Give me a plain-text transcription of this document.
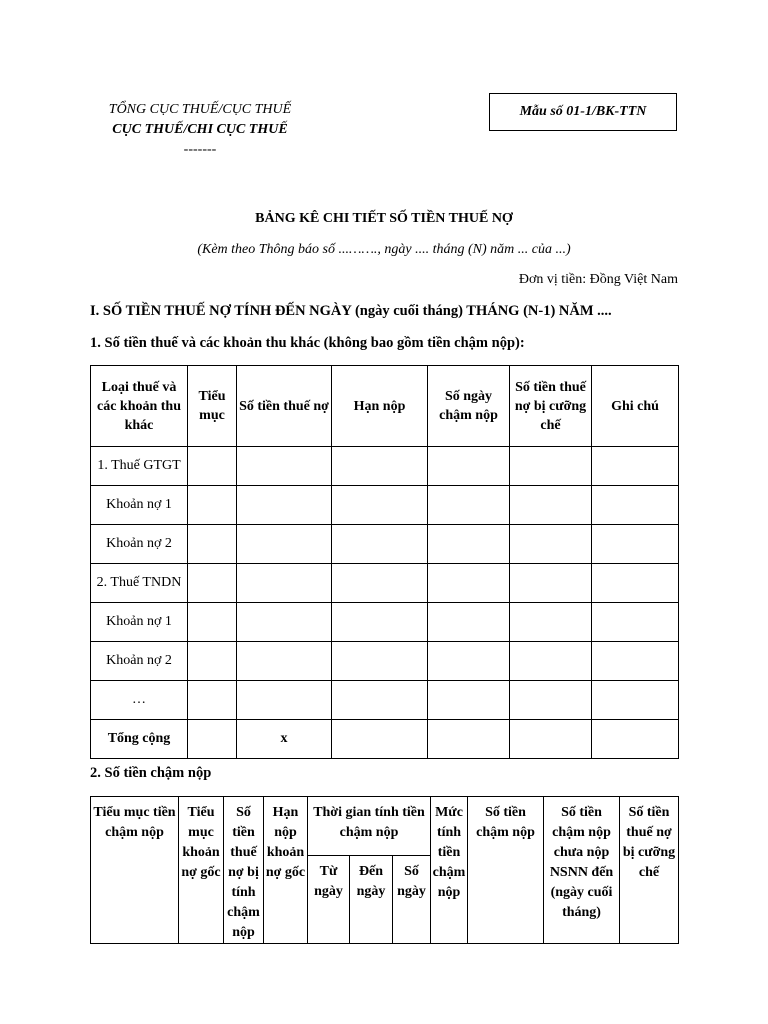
TỔNG CỤC THUẾ/CỤC THUẾ
CỤC THUẾ/CHI CỤC THUẾ
-------
Mẫu số 01-1/BK-TTN
BẢNG KÊ CHI TIẾT SỐ TIỀN THUẾ NỢ
(Kèm theo Thông báo số ...……., ngày .... tháng (N) năm ... của ...)
Đơn vị tiền: Đồng Việt Nam
I. SỐ TIỀN THUẾ NỢ TÍNH ĐẾN NGÀY (ngày cuối tháng) THÁNG (N-1) NĂM ....
1. Số tiền thuế và các khoản thu khác (không bao gồm tiền chậm nộp):
Loại thuế và các khoản thu khác	Tiểu mục	Số tiền thuế nợ	Hạn nộp	Số ngày chậm nộp	Số tiền thuế nợ bị cưỡng chế	Ghi chú
1. Thuế GTGT						
Khoản nợ 1						
Khoản nợ 2						
2. Thuế TNDN						
Khoản nợ 1						
Khoản nợ 2						
…						
Tổng cộng		x				
2. Số tiền chậm nộp
Tiểu mục tiền chậm nộp	Tiểu mục khoản nợ gốc	Số tiền thuế nợ bị tính chậm nộp	Hạn nộp khoản nợ gốc	Thời gian tính tiền chậm nộp			Mức tính tiền chậm nộp	Số tiền chậm nộp	Số tiền chậm nộp chưa nộp NSNN đến (ngày cuối tháng)	Số tiền thuế nợ bị cưỡng chế
				Từ ngày	Đến ngày	Số ngày				
